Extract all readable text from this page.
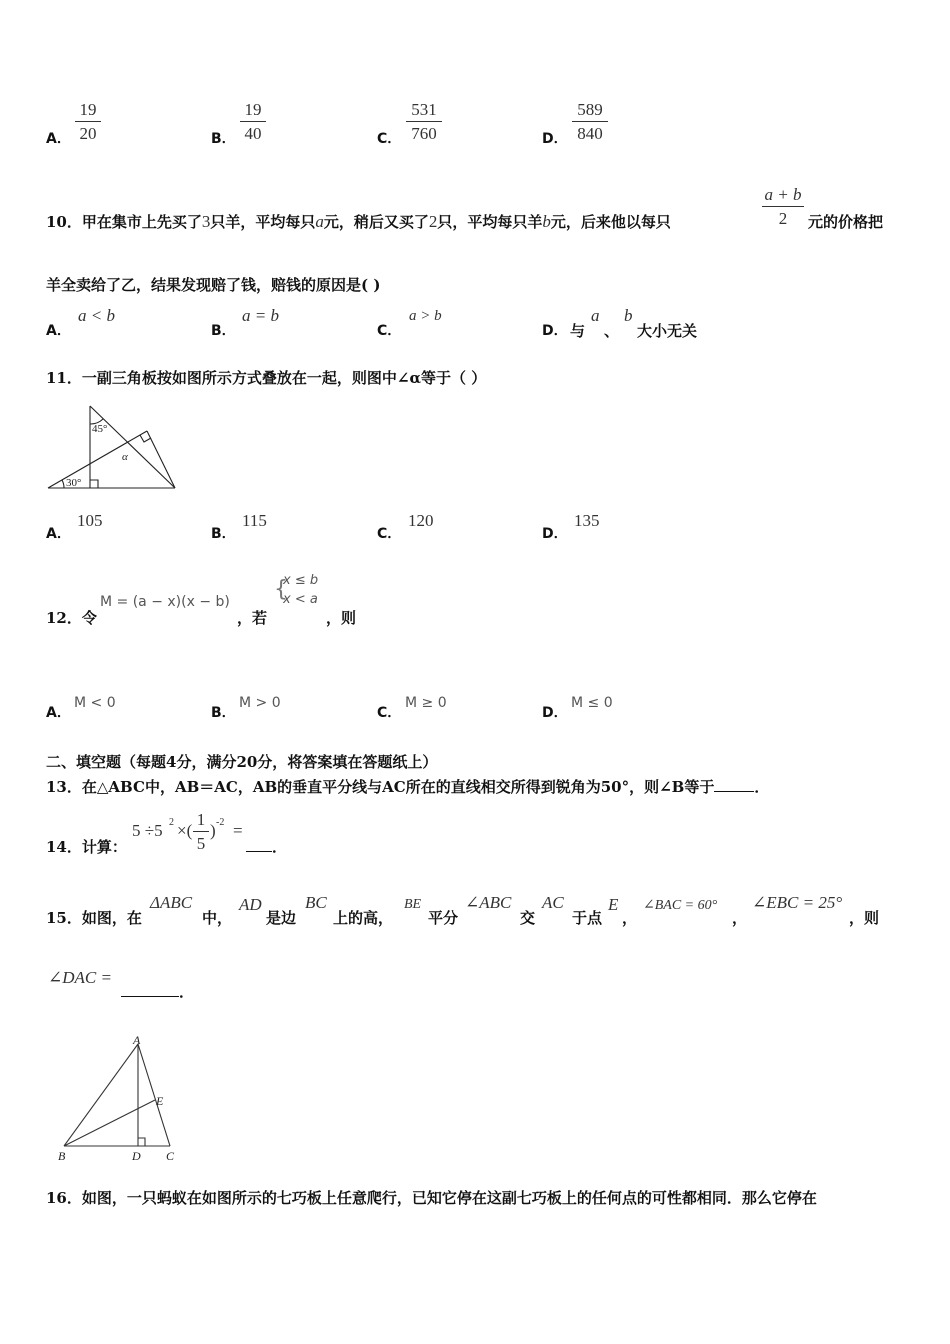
A． $\frac{19}{20}$	B． $\frac{19}{40}$	C． $\frac{531}{760}$	D． $\frac{589}{840}$
10．甲在集市上先买了3只羊，平均每只a元，稍后又买了2只，平均每只羊b元，后来他以每只	$\frac{a + b}{2}$ 元的价格把
羊全卖给了乙，结果发现赔了钱，赔钱的原因是( )
A．
a < b
B．
a = b
C．
a > b
D． 与
a
、
b
大小无关
11．一副三角板按如图所示方式叠放在一起，则图中∠α等于（ ）
45°
α
30°
A．
105
B．
115
C．
120
D．
135
12．令
M = (a − x)(x − b)
，若
{
x ≤ b
x < a
，则
A．
M < 0
B．
M > 0
C．
M ≥ 0
D．
M ≤ 0
二、填空题（每题4分，满分20分，将答案填在答题纸上）
13．在△ABC中，AB＝AC，AB的垂直平分线与AC所在的直线相交所得到锐角为50°，则∠B等于	．
14．计算：
5 ÷5 2 ×( $\frac{1}{5}$ ) -2 =
．
15．如图，在
ΔABC
中，
AD
是边
BC
上的高，
BE
平分
∠ABC
交
AC
于点
E
，
∠BAC = 60°
，
∠EBC = 25°
，则
∠DAC =
．
A
B	D C
E
16．如图，一只蚂蚁在如图所示的七巧板上任意爬行，已知它停在这副七巧板上的任何点的可性都相同．那么它停在
